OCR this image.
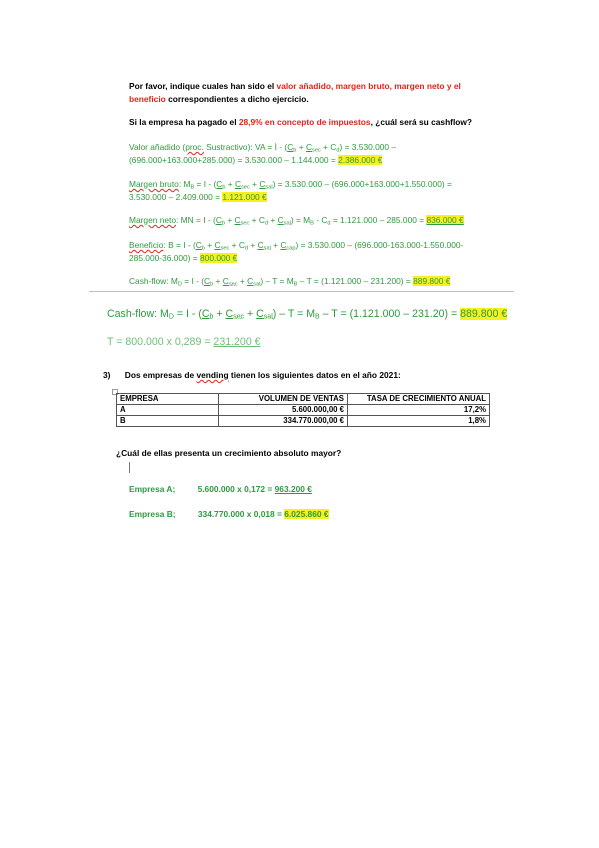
Por favor, indique cuales han sido el valor añadido, margen bruto, margen neto y el
beneficio correspondientes a dicho ejercicio.
Si la empresa ha pagado el 28,9% en concepto de impuestos, ¿cuál será su cashflow?
Valor añadido (proc. Sustractivo): VA = Ì - $(C_b + C_{sec} + C_d) = 3.530.000$ –
(696.000+163.000+285.000) = 3.530.000 – 1.144.000 = 2.386.000 €
Margen bruto: $M_B = I - (C_b + C_{sec} + C_{sal}) = 3.530.000 - (696.000+163.000+1.550.000)$ =
3.530.000 – 2.409.000 = 1.121.000 €
Margen neto: MN = $I - (C_b + C_{sec} + C_d + C_{sal}) = M_B - C_d = 1.121.000 - 285.000 = 836.000$ €
Beneficio: $B = I - (C_b + C_{sec} + C_d + C_{sal} + C_{cap}) = 3.530.000 - (696.000-163.000-1.550.000-$
285.000-36.000) = 800.000 €
Cash-flow: $M_D = I - (C_b + C_{sec} + C_{sal}) - T = M_B - T = (1.121.000 - 231.200) = 889.800$ €
Cash-flow: $M_D = I - (C_b + C_{sec} + C_{sal}) - T = M_B - T = (1.121.000 - 231.20) = 889.800$ €
T = 800.000 x 0,289 = 231.200 €
3) Dos empresas de vending tienen los siguientes datos en el año 2021:
EMPRESA	VOLUMEN DE VENTAS	TASA DE CRECIMIENTO ANUAL
A	5.600.000,00 €	17,2%
B	334.770.000,00 €	1,8%
¿Cuál de ellas presenta un crecimiento absoluto mayor?
Empresa A;	5.600.000 x 0,172 = 963.200 €
Empresa B;	334.770.000 x 0,018 = 6.025.860 €
